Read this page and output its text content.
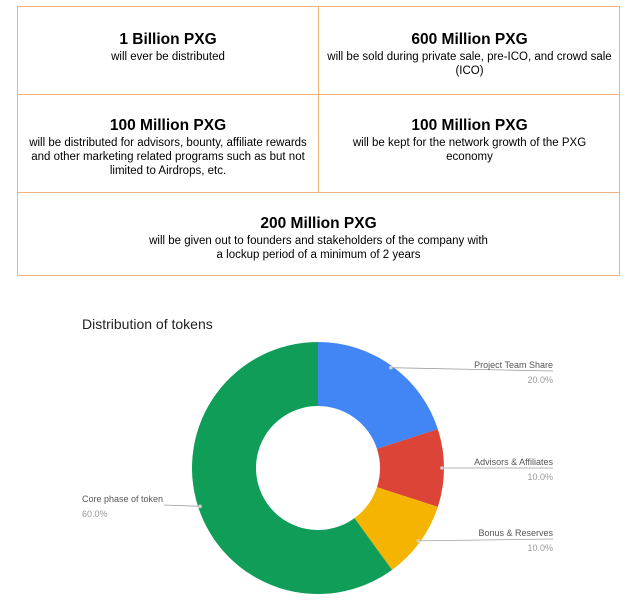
1 Billion PXG
will ever be distributed
600 Million PXG
will be sold during private sale, pre-ICO, and crowd sale (ICO)
100 Million PXG
will be distributed for advisors, bounty, affiliate rewards and other marketing related programs such as but not limited to Airdrops, etc.
100 Million PXG
will be kept for the network growth of the PXG economy
200 Million PXG
will be given out to founders and stakeholders of the company with a lockup period of a minimum of 2 years
Distribution of tokens
Project Team Share
20.0%
Advisors & Affiliates
10.0%
Bonus & Reserves
10.0%
Core phase of token
60.0%
